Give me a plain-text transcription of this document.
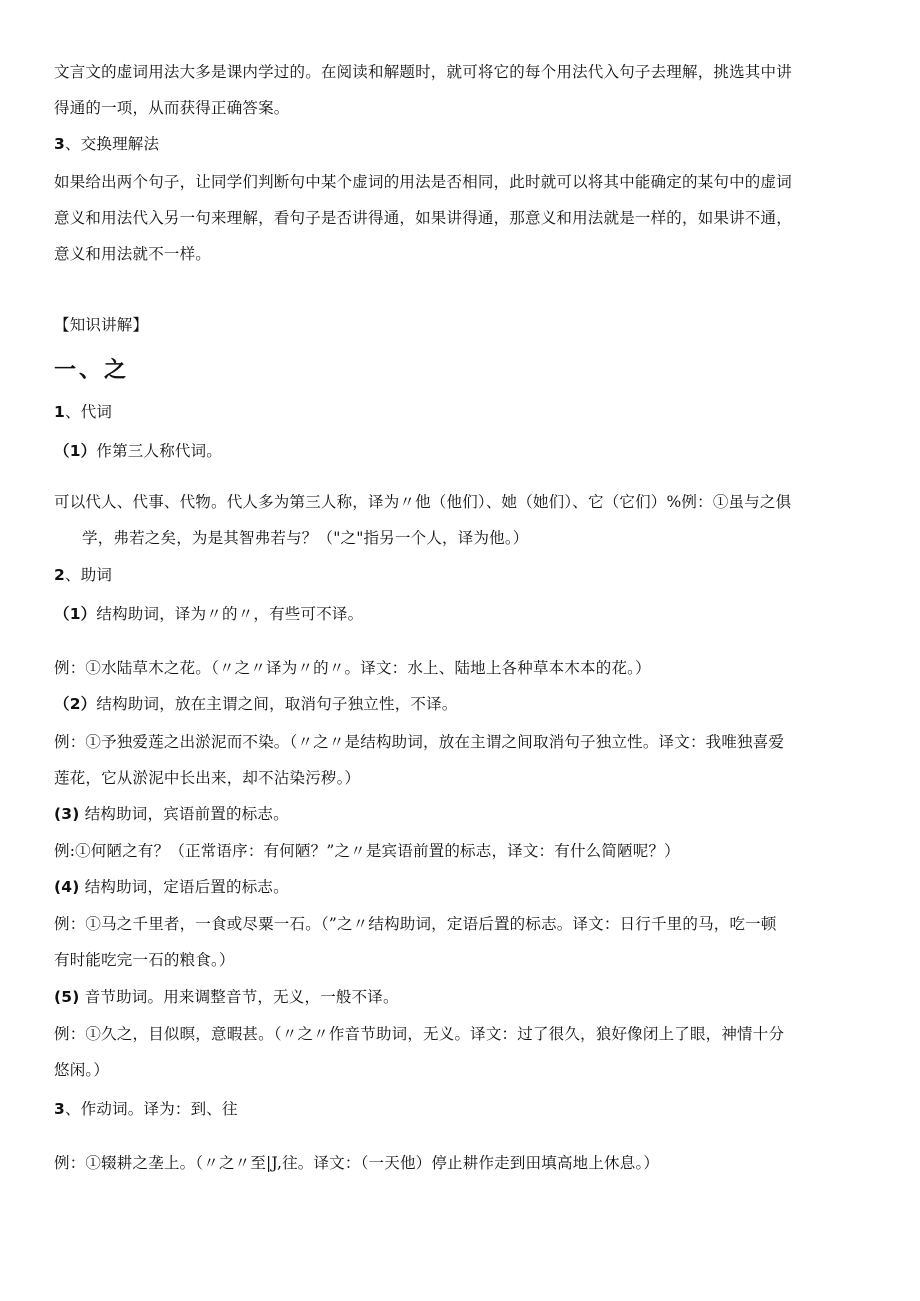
文言文的虚词用法大多是课内学过的。在阅读和解题时，就可将它的每个用法代入句子去理解，挑选其中讲
得通的一项，从而获得正确答案。
3、交换理解法
如果给出两个句子，让同学们判断句中某个虚词的用法是否相同，此时就可以将其中能确定的某句中的虚词
意义和用法代入另一句来理解，看句子是否讲得通，如果讲得通，那意义和用法就是一样的，如果讲不通，
意义和用法就不一样。
【知识讲解】
一、之
1、代词
（1）作第三人称代词。
可以代人、代事、代物。代人多为第三人称，译为〃他（他们）、她（她们）、它（它们）%例：①虽与之俱
学，弗若之矣，为是其智弗若与？（"之"指另一个人，译为他。）
2、助词
（1）结构助词，译为〃的〃，有些可不译。
例：①水陆草木之花。（〃之〃译为〃的〃。译文：水上、陆地上各种草本木本的花。）
（2）结构助词，放在主谓之间，取消句子独立性，不译。
例：①予独爱莲之出淤泥而不染。（〃之〃是结构助词，放在主谓之间取消句子独立性。译文：我唯独喜爱
莲花，它从淤泥中长出来，却不沾染污秽。）
(3) 结构助词，宾语前置的标志。
例:①何陋之有？（正常语序：有何陋？”之〃是宾语前置的标志，译文：有什么简陋呢？）
(4) 结构助词，定语后置的标志。
例：①马之千里者，一食或尽粟一石。（”之〃结构助词，定语后置的标志。译文：日行千里的马，吃一顿
有时能吃完一石的粮食。）
(5) 音节助词。用来调整音节，无义，一般不译。
例：①久之，目似暝，意暇甚。（〃之〃作音节助词，无义。译文：过了很久，狼好像闭上了眼，神情十分
悠闲。）
3、作动词。译为：到、往
例：①辍耕之垄上。（〃之〃至|J,往。译文：（一天他）停止耕作走到田填高地上休息。）
